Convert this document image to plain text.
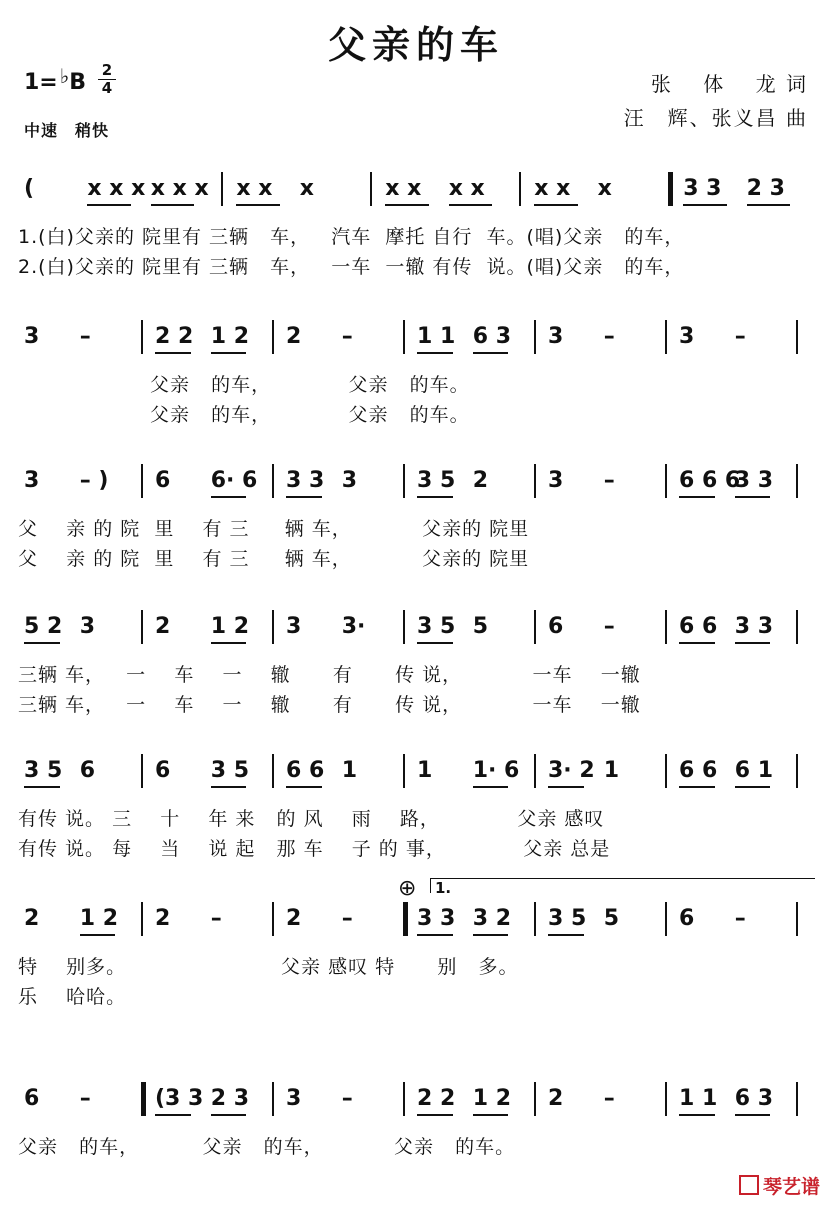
父亲的车
1= ♭B	2
4
中速　稍快
张　 体　 龙 词
汪　辉、张义昌 曲
( x x x x x x x x x	x x x x x x x	3 3 2 3
1.(白)父亲的 院里有 三辆   车，   汽车  摩托 自行  车。(唱)父亲   的车，
2.(白)父亲的 院里有 三辆   车，   一车  一辙 有传  说。(唱)父亲   的车，
3 –	2 2 1 2 2 –	1 1 6 3 3 –	3 –
父亲   的车，           父亲   的车。
父亲   的车，           父亲   的车。
3 – ) 6 6· 6 3 3 3	3 5 2	3 –	6 6 6
3 3
父    亲 的 院  里    有 三     辆 车，          父亲的 院里
父    亲 的 院  里    有 三     辆 车，          父亲的 院里
5 2 3	2 1 2 3 3· 3 5 5	6 –	6 6 3 3
三辆 车，   一    车    一    辙      有      传 说，          一车    一辙
三辆 车，   一    车    一    辙      有      传 说，          一车    一辙
3 5 6	6 3 5 6 6 1	1 1· 6 3· 2 1	6 6 6 1
有传 说。 三    十    年 来   的 风    雨    路，           父亲 感叹
有传 说。 每    当    说 起   那 车    子 的 事，           父亲 总是
2 1 2 2 –	2 –	3 3 3 2 3 5 5	6 –
1.
⊕
特    别多。                      父亲 感叹 特      别   多。
乐    哈哈。
6 –	(3 3 2 3 3 –	2 2 1 2 2 –	1 1 6 3
父亲   的车，         父亲   的车，          父亲   的车。
琴艺谱
